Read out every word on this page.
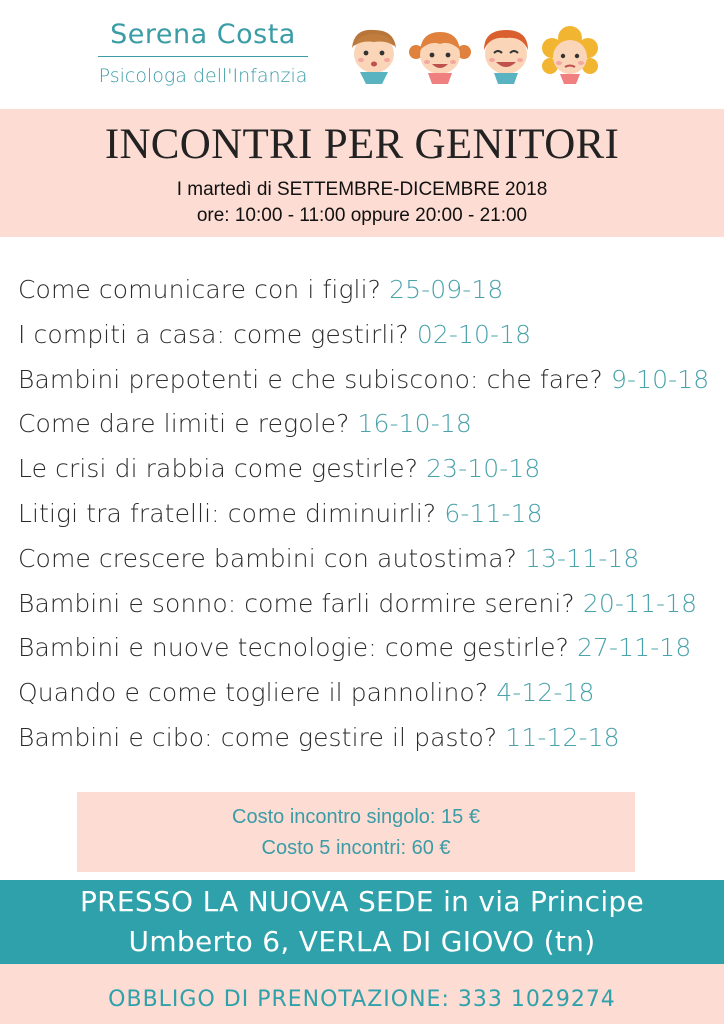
Serena Costa
Psicologa dell'Infanzia
INCONTRI PER GENITORI
I martedì di SETTEMBRE-DICEMBRE 2018
ore: 10:00 - 11:00 oppure 20:00 - 21:00
Come comunicare con i figli? 25-09-18
I compiti a casa: come gestirli? 02-10-18
Bambini prepotenti e che subiscono: che fare? 9-10-18
Come dare limiti e regole? 16-10-18
Le crisi di rabbia come gestirle? 23-10-18
Litigi tra fratelli: come diminuirli? 6-11-18
Come crescere bambini con autostima? 13-11-18
Bambini e sonno: come farli dormire sereni? 20-11-18
Bambini e nuove tecnologie: come gestirle? 27-11-18
Quando e come togliere il pannolino? 4-12-18
Bambini e cibo: come gestire il pasto? 11-12-18
Costo incontro singolo: 15 €
Costo 5 incontri: 60 €
PRESSO LA NUOVA SEDE in via Principe
Umberto 6, VERLA DI GIOVO (tn)
OBBLIGO DI PRENOTAZIONE: 333 1029274
